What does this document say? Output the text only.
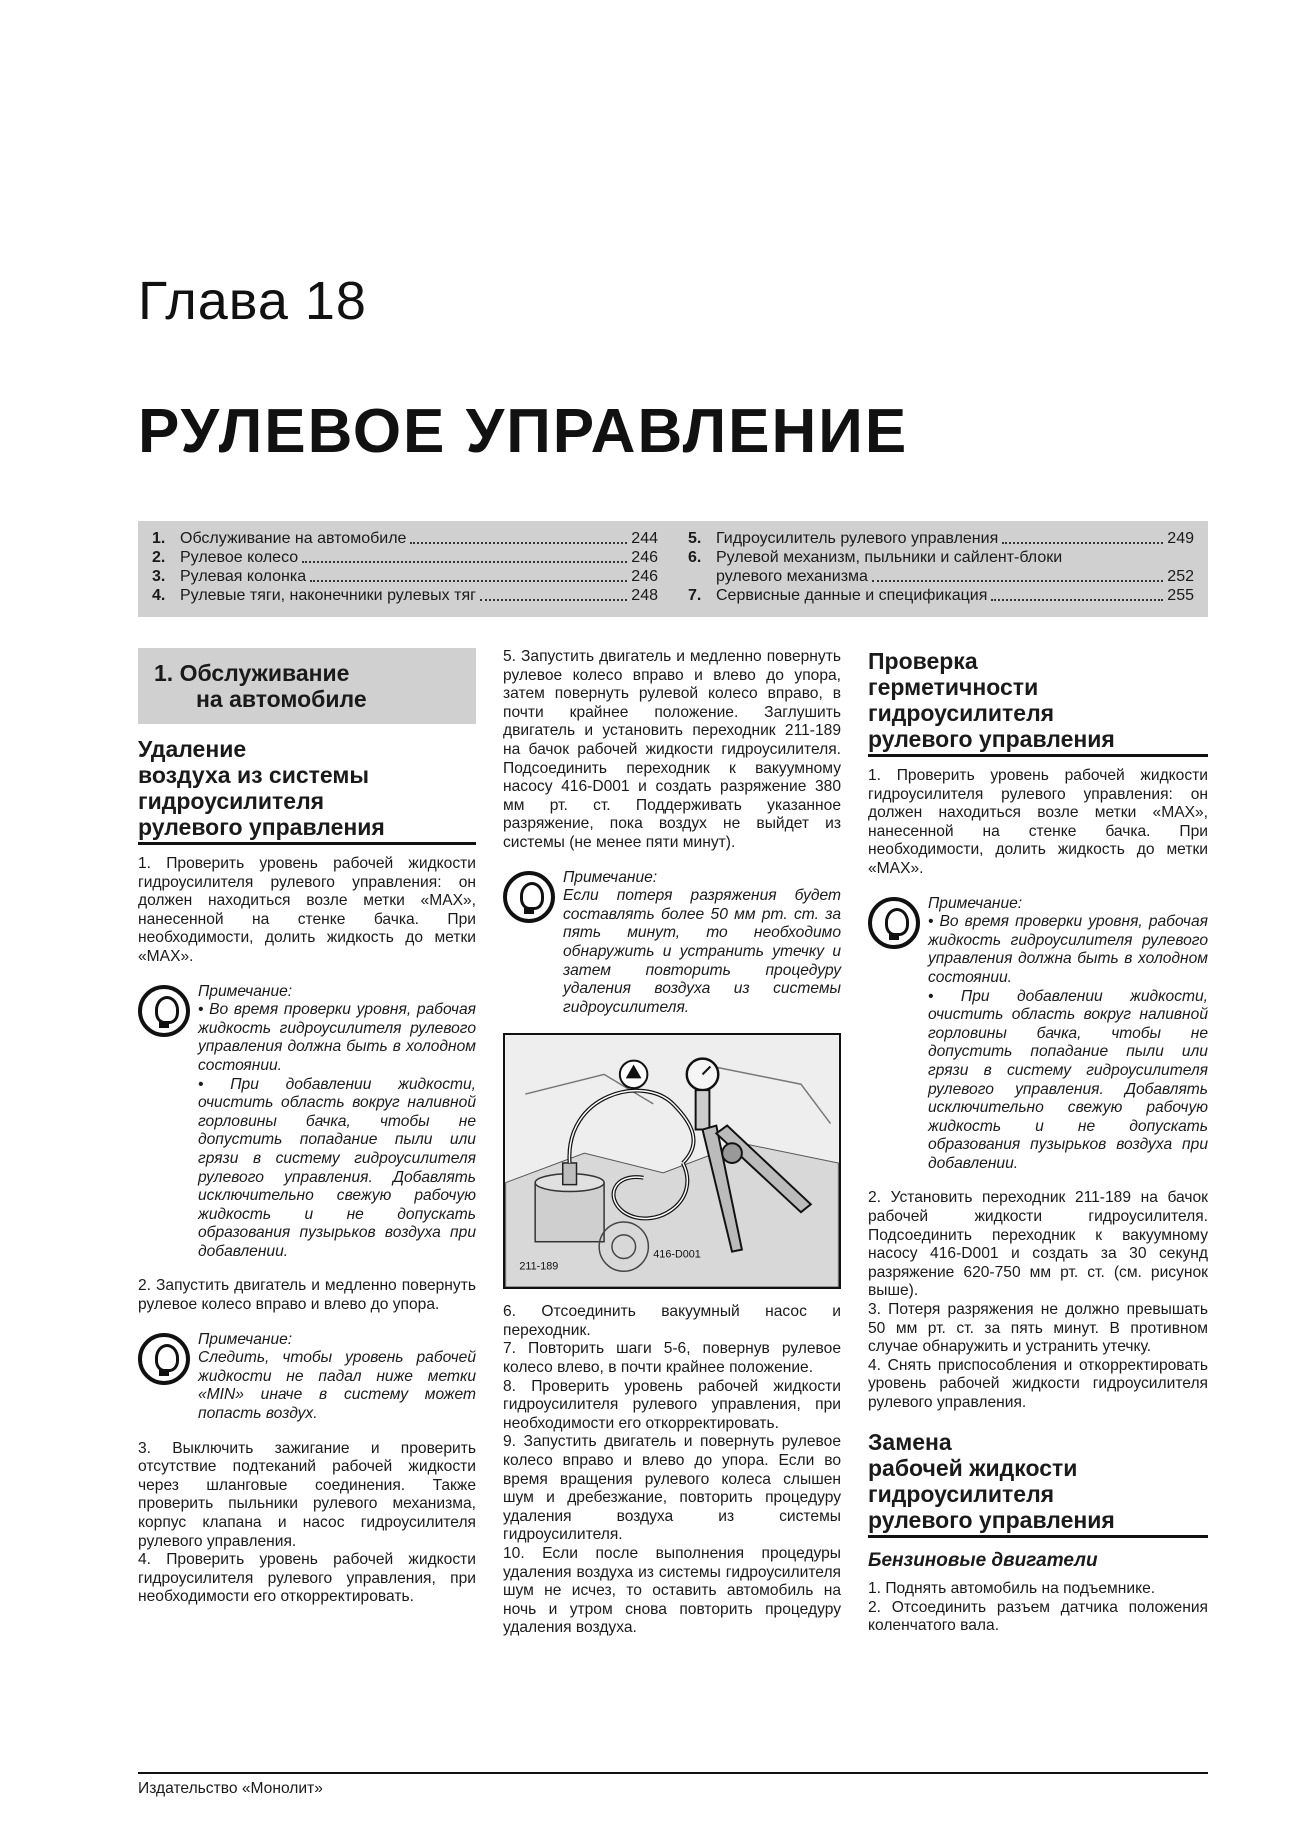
Глава 18
РУЛЕВОЕ УПРАВЛЕНИЕ
1. Обслуживание на автомобиле	244
2. Рулевое колесо	246
3. Рулевая колонка	246
4. Рулевые тяги, наконечники рулевых тяг	248
5. Гидроусилитель рулевого управления	249
6. Рулевой механизм, пыльники и сайлент-блоки
рулевого механизма	252
7. Сервисные данные и спецификация	255
1. Обслуживание
на автомобиле
Удаление
воздуха из системы
гидроусилителя
рулевого управления

1. Проверить уровень рабочей жидкости гидроусилителя рулевого управления: он должен находиться возле метки «MAX», нанесенной на стенке бачка. При необходимости, долить жидкость до метки «MAX».

Примечание:
• Во время проверки уровня, рабочая жидкость гидроусилителя рулевого управления должна быть в холодном состоянии.
• При добавлении жидкости, очистить область вокруг наливной горловины бачка, чтобы не допустить попадание пыли или грязи в систему гидроусилителя рулевого управления. Добавлять исключительно свежую рабочую жидкость и не допускать образования пузырьков воздуха при добавлении.

2. Запустить двигатель и медленно повернуть рулевое колесо вправо и влево до упора.

Примечание:
Следить, чтобы уровень рабочей жидкости не падал ниже метки «MIN» иначе в систему может попасть воздух.

3. Выключить зажигание и проверить отсутствие подтеканий рабочей жидкости через шланговые соединения. Также проверить пыльники рулевого механизма, корпус клапана и насос гидроусилителя рулевого управления.

4. Проверить уровень рабочей жидкости гидроусилителя рулевого управления, при необходимости его откорректировать.

5. Запустить двигатель и медленно повернуть рулевое колесо вправо и влево до упора, затем повернуть рулевой колесо вправо, в почти крайнее положение. Заглушить двигатель и установить переходник 211-189 на бачок рабочей жидкости гидроусилителя. Подсоединить переходник к вакуумному насосу 416-D001 и создать разряжение 380 мм рт. ст. Поддерживать указанное разряжение, пока воздух не выйдет из системы (не менее пяти минут).

Примечание:
Если потеря разряжения будет составлять более 50 мм рт. ст. за пять минут, то необходимо обнаружить и устранить утечку и затем повторить процедуру удаления воздуха из системы гидроусилителя.
211-189
416-D001

6. Отсоединить вакуумный насос и переходник.

7. Повторить шаги 5-6, повернув рулевое колесо влево, в почти крайнее положение.

8. Проверить уровень рабочей жидкости гидроусилителя рулевого управления, при необходимости его откорректировать.

9. Запустить двигатель и повернуть рулевое колесо вправо и влево до упора. Если во время вращения рулевого колеса слышен шум и дребезжание, повторить процедуру удаления воздуха из системы гидроусилителя.

10. Если после выполнения процедуры удаления воздуха из системы гидроусилителя шум не исчез, то оставить автомобиль на ночь и утром снова повторить процедуру удаления воздуха.

Проверка
герметичности
гидроусилителя
рулевого управления

1. Проверить уровень рабочей жидкости гидроусилителя рулевого управления: он должен находиться возле метки «MAX», нанесенной на стенке бачка. При необходимости, долить жидкость до метки «MAX».

Примечание:
• Во время проверки уровня, рабочая жидкость гидроусилителя рулевого управления должна быть в холодном состоянии.
• При добавлении жидкости, очистить область вокруг наливной горловины бачка, чтобы не допустить попадание пыли или грязи в систему гидроусилителя рулевого управления. Добавлять исключительно свежую рабочую жидкость и не допускать образования пузырьков воздуха при добавлении.

2. Установить переходник 211-189 на бачок рабочей жидкости гидроусилителя. Подсоединить переходник к вакуумному насосу 416-D001 и создать за 30 секунд разряжение 620-750 мм рт. ст. (см. рисунок выше).

3. Потеря разряжения не должно превышать 50 мм рт. ст. за пять минут. В противном случае обнаружить и устранить утечку.

4. Снять приспособления и откорректировать уровень рабочей жидкости гидроусилителя рулевого управления.

Замена
рабочей жидкости
гидроусилителя
рулевого управления
Бензиновые двигатели

1. Поднять автомобиль на подъемнике.

2. Отсоединить разъем датчика положения коленчатого вала.

Издательство «Монолит»
